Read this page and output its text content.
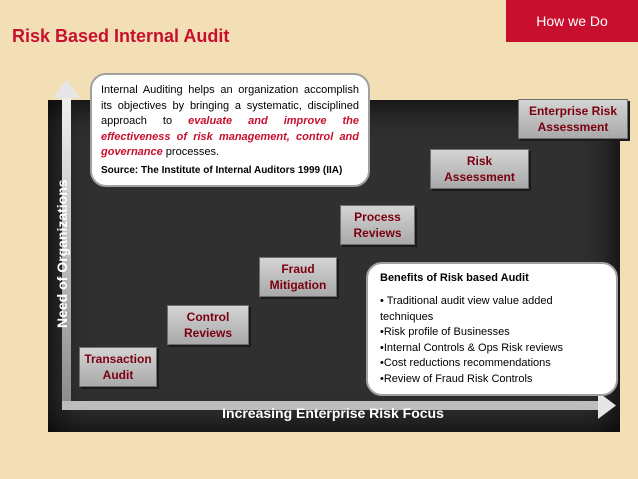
Risk Based Internal Audit
How we Do
Need of Organizations
Increasing Enterprise Risk Focus
Transaction
Audit
Control
Reviews
Fraud
Mitigation
Process
Reviews
Risk
Assessment
Enterprise Risk
Assessment

Internal Auditing helps an organization accomplish its objectives by bringing a systematic, disciplined approach to evaluate and improve the effectiveness of risk management, control and governance processes.

Source: The Institute of Internal Auditors 1999 (IIA)

Benefits of Risk based Audit
• Traditional audit view value added techniques
•Risk profile of Businesses
•Internal Controls & Ops Risk reviews
•Cost reductions recommendations
•Review of Fraud Risk Controls
